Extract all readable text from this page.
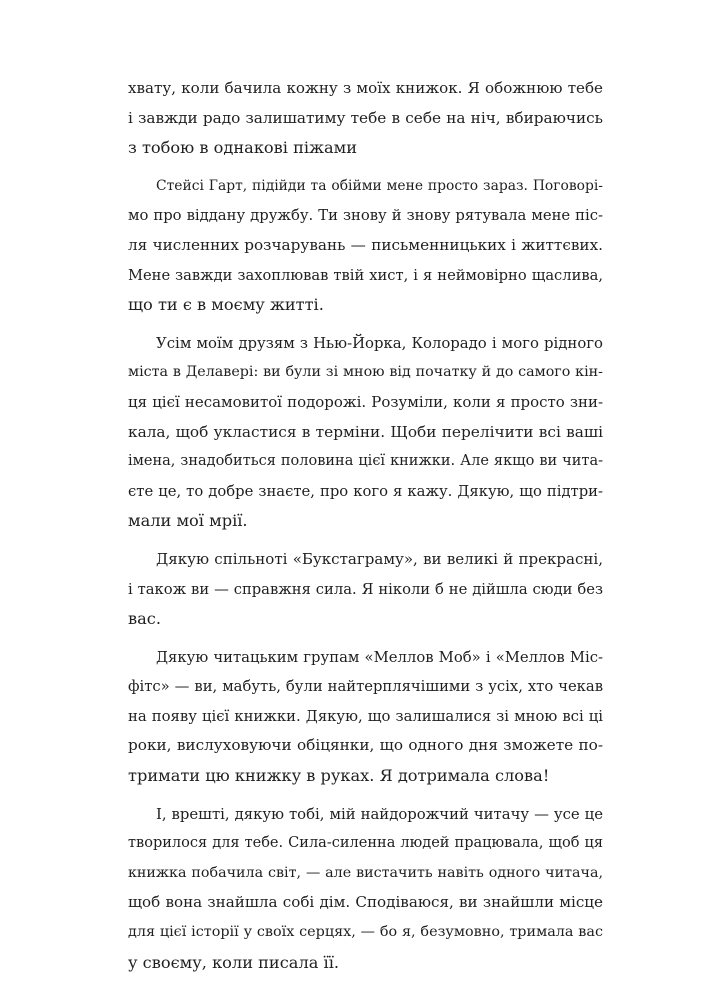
хвату, коли бачила кожну з моїх книжок. Я обожнюю тебе
і завжди радо залишатиму тебе в себе на ніч, вбираючись
з тобою в однакові піжами
Стейсі Гарт, підійди та обійми мене просто зараз. Поговорі-
мо про віддану дружбу. Ти знову й знову рятувала мене піс-
ля численних розчарувань — письменницьких і життєвих.
Мене завжди захоплював твій хист, і я неймовірно щаслива,
що ти є в моєму житті.
Усім моїм друзям з Нью-Йорка, Колорадо і мого рідного
міста в Делавері: ви були зі мною від початку й до самого кін-
ця цієї несамовитої подорожі. Розуміли, коли я просто зни-
кала, щоб укластися в терміни. Щоби перелічити всі ваші
імена, знадобиться половина цієї книжки. Але якщо ви чита-
єте це, то добре знаєте, про кого я кажу. Дякую, що підтри-
мали мої мрії.
Дякую спільноті «Букстаграму», ви великі й прекрасні,
і також ви — справжня сила. Я ніколи б не дійшла сюди без
вас.
Дякую читацьким групам «Меллов Моб» і «Меллов Міс-
фітс» — ви, мабуть, були найтерплячішими з усіх, хто чекав
на появу цієї книжки. Дякую, що залишалися зі мною всі ці
роки, вислуховуючи обіцянки, що одного дня зможете по-
тримати цю книжку в руках. Я дотримала слова!
І, врешті, дякую тобі, мій найдорожчий читачу — усе це
творилося для тебе. Сила-силенна людей працювала, щоб ця
книжка побачила світ, — але вистачить навіть одного читача,
щоб вона знайшла собі дім. Сподіваюся, ви знайшли місце
для цієї історії у своїх серцях, — бо я, безумовно, тримала вас
у своєму, коли писала її.
